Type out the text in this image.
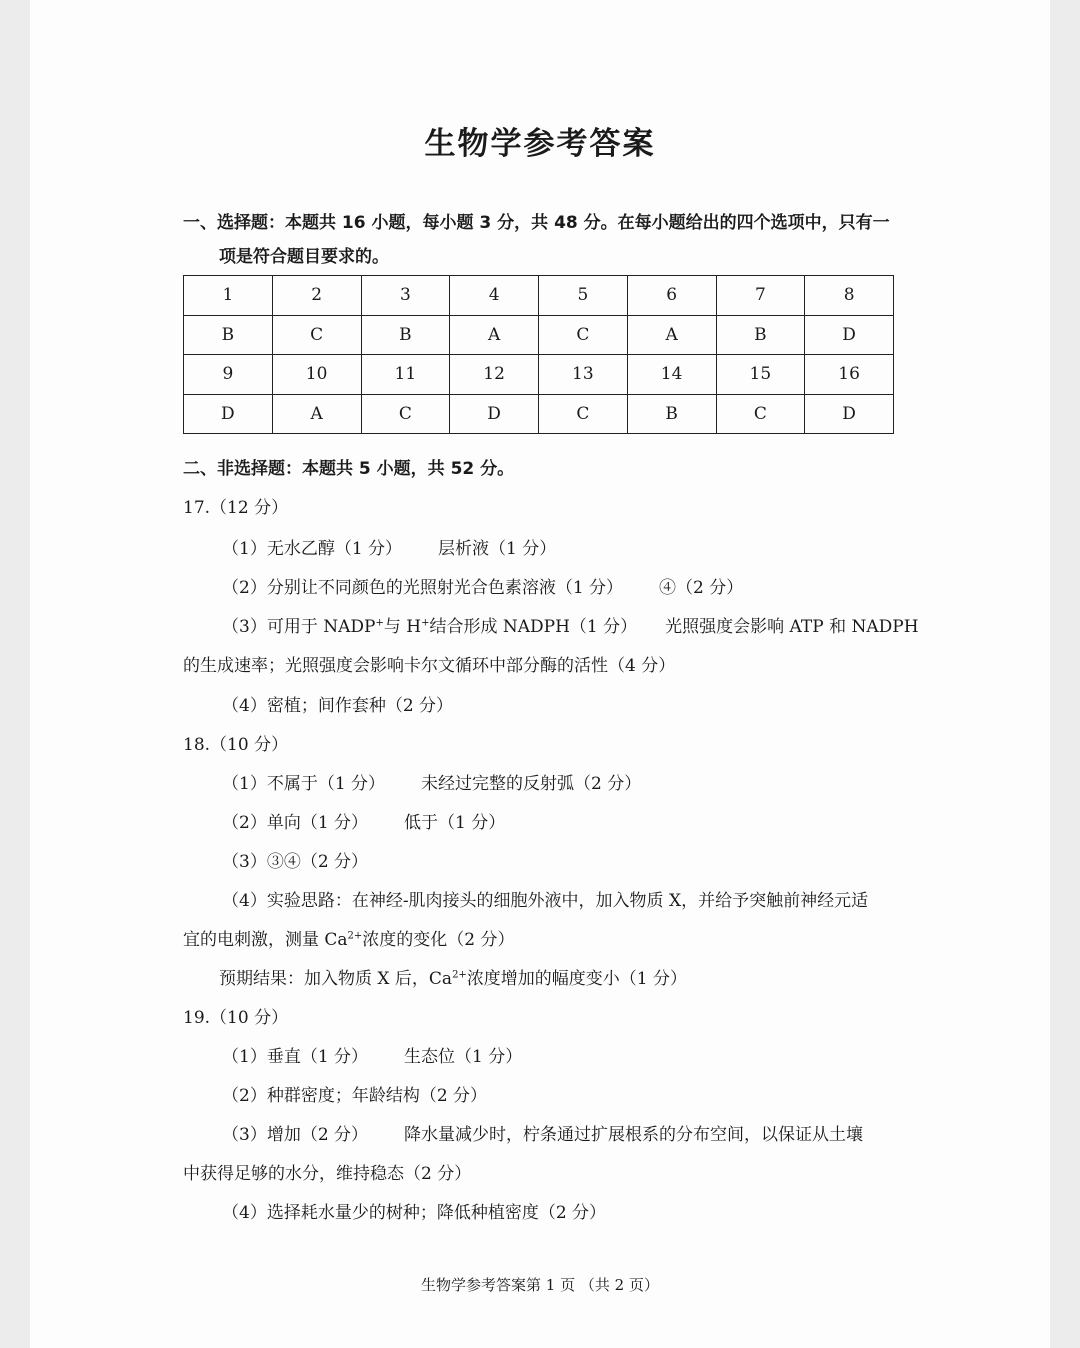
生物学参考答案
一、选择题：本题共 16 小题，每小题 3 分，共 48 分。在每小题给出的四个选项中，只有一
项是符合题目要求的。
1	2	3	4	5	6	7	8
B	C	B	A	C	A	B	D
9	10	11	12	13	14	15	16
D	A	C	D	C	B	C	D
二、非选择题：本题共 5 小题，共 52 分。
17.（12 分）
（1）无水乙醇（1 分） 层析液（1 分）
（2）分别让不同颜色的光照射光合色素溶液（1 分） ④（2 分）
（3）可用于 NADP+与 H+结合形成 NADPH（1 分） 光照强度会影响 ATP 和 NADPH
的生成速率；光照强度会影响卡尔文循环中部分酶的活性（4 分）
（4）密植；间作套种（2 分）
18.（10 分）
（1）不属于（1 分） 未经过完整的反射弧（2 分）
（2）单向（1 分） 低于（1 分）
（3）③④（2 分）
（4）实验思路：在神经-肌肉接头的细胞外液中，加入物质 X，并给予突触前神经元适
宜的电刺激，测量 $Ca^{2+}$浓度的变化（2 分）
预期结果：加入物质 X 后，$Ca^{2+}$浓度增加的幅度变小（1 分）
19.（10 分）
（1）垂直（1 分） 生态位（1 分）
（2）种群密度；年龄结构（2 分）
（3）增加（2 分） 降水量减少时，柠条通过扩展根系的分布空间，以保证从土壤
中获得足够的水分，维持稳态（2 分）
（4）选择耗水量少的树种；降低种植密度（2 分）
生物学参考答案第 1 页 （共 2 页）
